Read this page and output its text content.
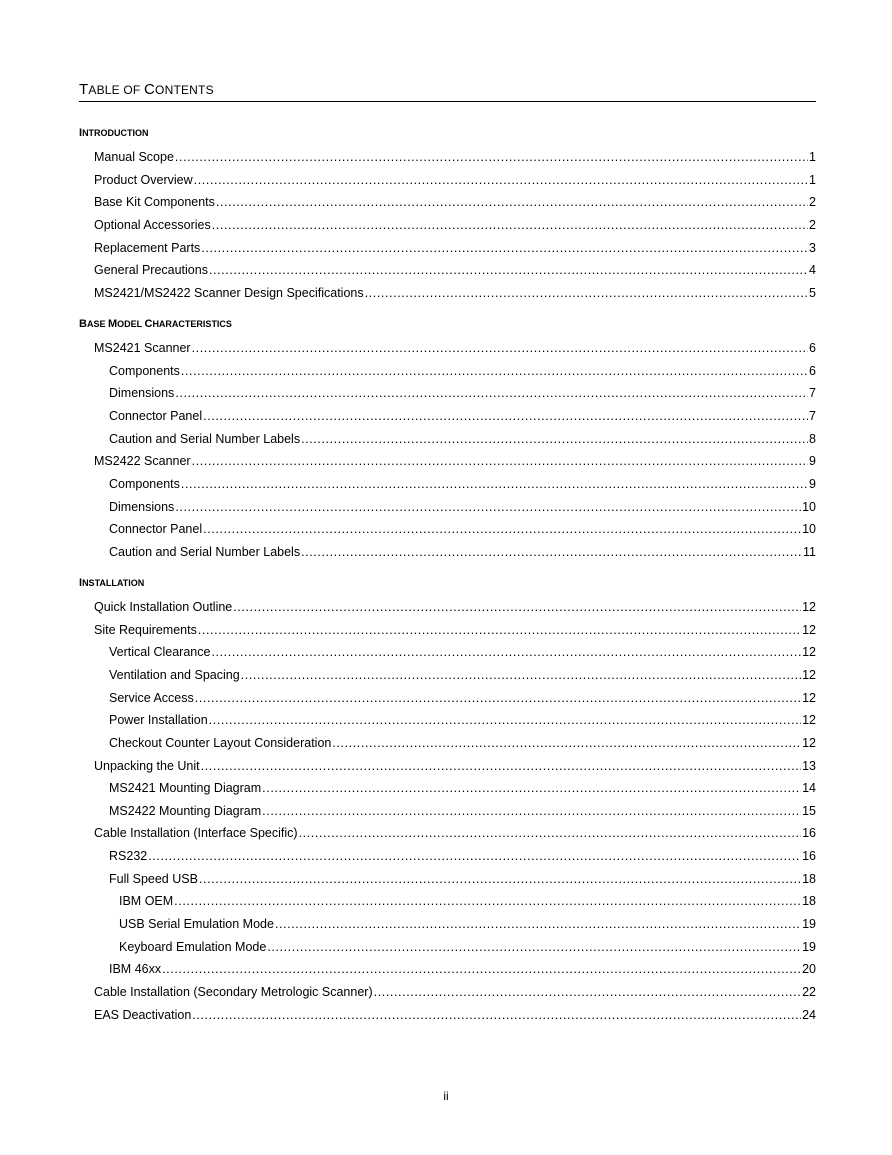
TABLE OF CONTENTS
INTRODUCTION
Manual Scope .....	1
Product Overview .....	1
Base Kit Components .....	2
Optional Accessories .....	2
Replacement Parts .....	3
General Precautions .....	4
MS2421/MS2422 Scanner Design Specifications .....	5
BASE MODEL CHARACTERISTICS
MS2421 Scanner .....	6
Components .....	6
Dimensions .....	7
Connector Panel .....	7
Caution and Serial Number Labels .....	8
MS2422 Scanner .....	9
Components .....	9
Dimensions .....	10
Connector Panel .....	10
Caution and Serial Number Labels .....	11
INSTALLATION
Quick Installation Outline .....	12
Site Requirements .....	12
Vertical Clearance .....	12
Ventilation and Spacing .....	12
Service Access .....	12
Power Installation .....	12
Checkout Counter Layout Consideration .....	12
Unpacking the Unit .....	13
MS2421 Mounting Diagram .....	14
MS2422 Mounting Diagram .....	15
Cable Installation (Interface Specific) .....	16
RS232 .....	16
Full Speed USB .....	18
IBM OEM .....	18
USB Serial Emulation Mode .....	19
Keyboard Emulation Mode .....	19
IBM 46xx .....	20
Cable Installation (Secondary Metrologic Scanner) .....	22
EAS Deactivation .....	24
ii
